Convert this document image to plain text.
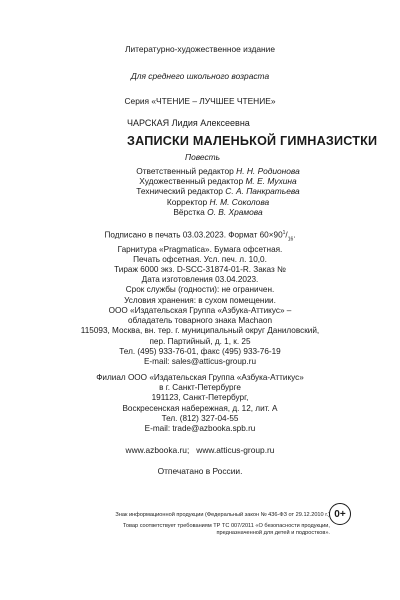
Литературно-художественное издание
Для среднего школьного возраста
Серия «ЧТЕНИЕ – ЛУЧШЕЕ ЧТЕНИЕ»
ЧАРСКАЯ Лидия Алексеевна
ЗАПИСКИ МАЛЕНЬКОЙ ГИМНАЗИСТКИ
Повесть
Ответственный редактор Н. Н. Родионова
Художественный редактор М. Е. Мухина
Технический редактор С. А. Панкратьева
Корректор Н. М. Соколова
Вёрстка О. В. Храмова
Подписано в печать 03.03.2023. Формат $60\times 90^1/_{16}$.
Гарнитура «Pragmatica». Бумага офсетная.
Печать офсетная. Усл. печ. л. 10,0.
Тираж 6000 экз. D-SCC-31874-01-R. Заказ №
Дата изготовления 03.04.2023.
Срок службы (годности): не ограничен.
Условия хранения: в сухом помещении.
ООО «Издательская Группа «Азбука-Аттикус» –
обладатель товарного знака Machaon
115093, Москва, вн. тер. г. муниципальный округ Даниловский,
пер. Партийный, д. 1, к. 25
Тел. (495) 933-76-01, факс (495) 933-76-19
E-mail: sales@atticus-group.ru
Филиал ООО «Издательская Группа «Азбука-Аттикус»
в г. Санкт-Петербурге
191123, Санкт-Петербург,
Воскресенская набережная, д. 12, лит. А
Тел. (812) 327-04-55
E-mail: trade@azbooka.spb.ru
www.azbooka.ru;   www.atticus-group.ru
Отпечатано в России.
Знак информационной продукции (Федеральный закон № 436-ФЗ от 29.12.2010 г.)
Товар соответствует требованиям ТР ТС 007/2011 «О безопасности продукции,
предназначенной для детей и подростков».
0+
